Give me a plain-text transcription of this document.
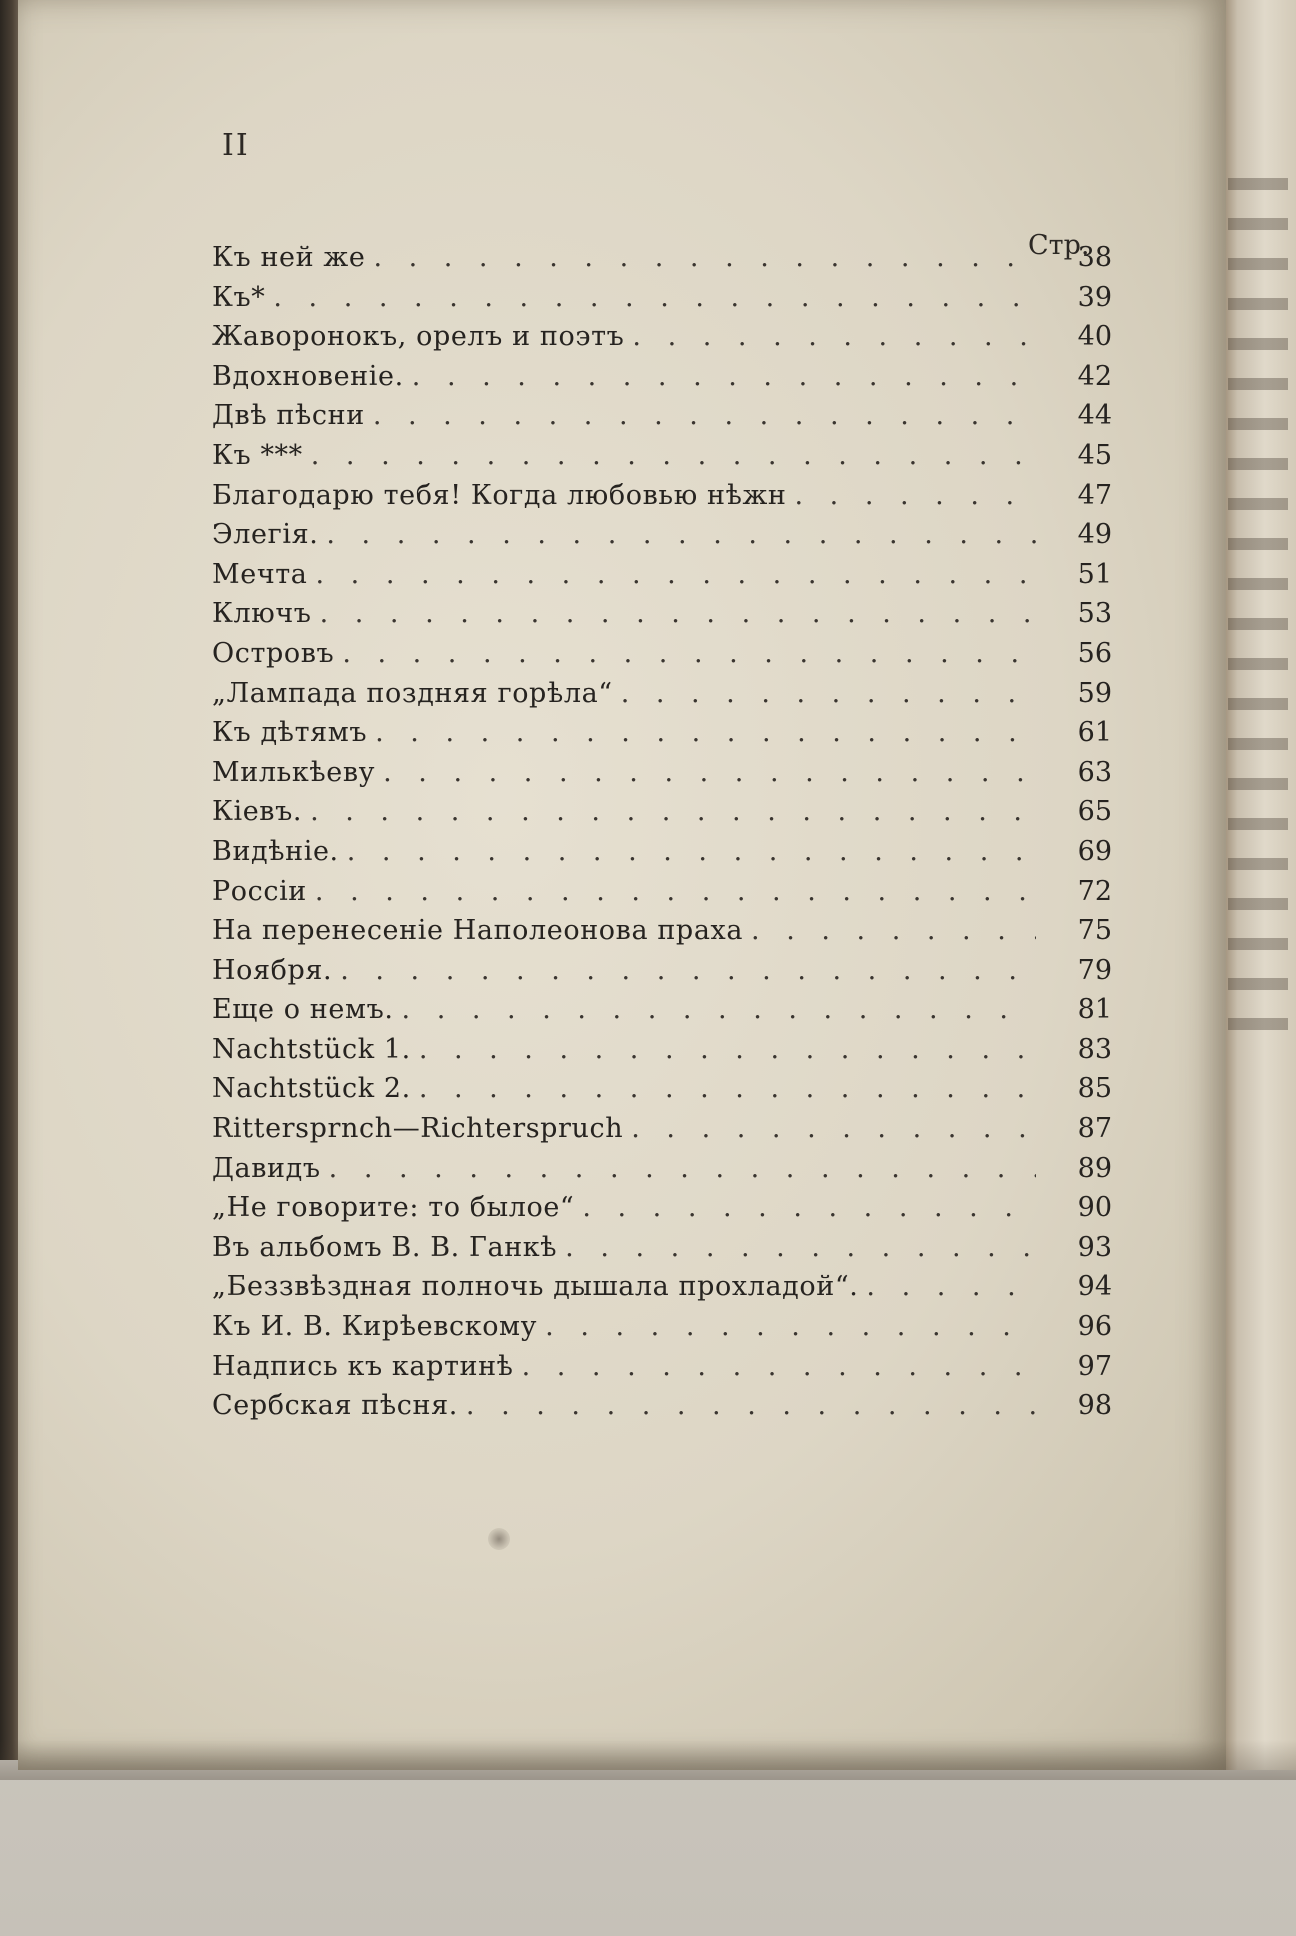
II
Стр.
Къ ней же . . .	38
Къ* . . .	39
Жаворонокъ, орелъ и поэтъ . . .	40
Вдохновеніе. . . .	42
Двѣ пѣсни . . .	44
Къ *** . . .	45
Благодарю тебя! Когда любовью нѣжн . . .	47
Элегія. . . .	49
Мечта . . .	51
Ключъ . . .	53
Островъ . . .	56
„Лампада поздняя горѣла“ . . .	59
Къ дѣтямъ . . .	61
Милькѣеву . . .	63
Кіевъ. . . .	65
Видѣніе. . . .	69
Россіи . . .	72
На перенесеніе Наполеонова праха . . .	75
Ноября. . . .	79
Еще о немъ. . . .	81
Nachtstück 1. . . .	83
Nachtstück 2. . . .	85
Rittersprnch—Richterspruch . . .	87
Давидъ . . .	89
„Не говорите: то былое“ . . .	90
Въ альбомъ В. В. Ганкѣ . . .	93
„Беззвѣздная полночь дышала прохладой“. . . .	94
Къ И. В. Кирѣевскому . . .	96
Надпись къ картинѣ . . .	97
Сербская пѣсня. . . .	98
